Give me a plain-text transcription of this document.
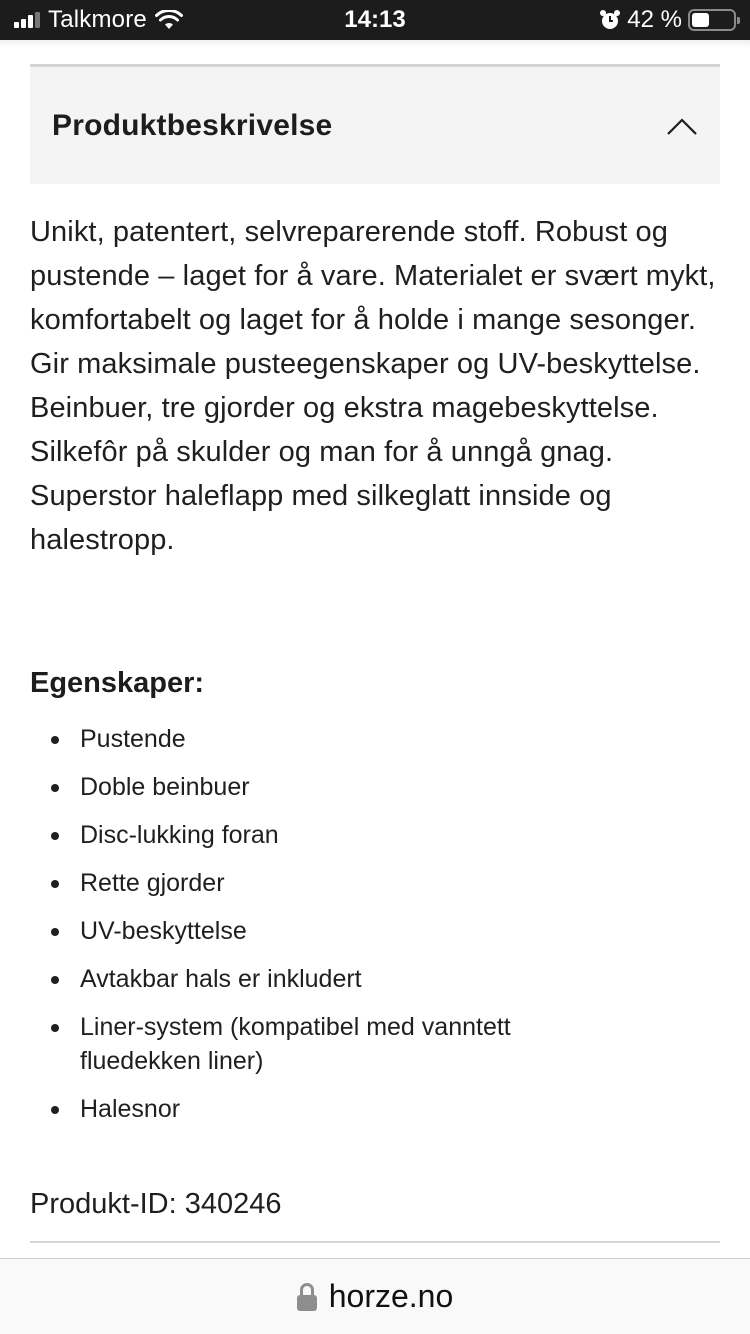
Talkmore	14:13	42 %
Produktbeskrivelse

Unikt, patentert, selvreparerende stoff. Robust og pustende – laget for å vare. Materialet er svært mykt, komfortabelt og laget for å holde i mange sesonger. Gir maksimale pusteegenskaper og UV-beskyttelse. Beinbuer, tre gjorder og ekstra magebeskyttelse. Silkefôr på skulder og man for å unngå gnag. Superstor haleflapp med silkeglatt innside og halestropp.

Egenskaper:
Pustende
Doble beinbuer
Disc-lukking foran
Rette gjorder
UV-beskyttelse
Avtakbar hals er inkludert
Liner-system (kompatibel med vanntett fluedekken liner)
Halesnor
Produkt-ID: 340246
horze.no
